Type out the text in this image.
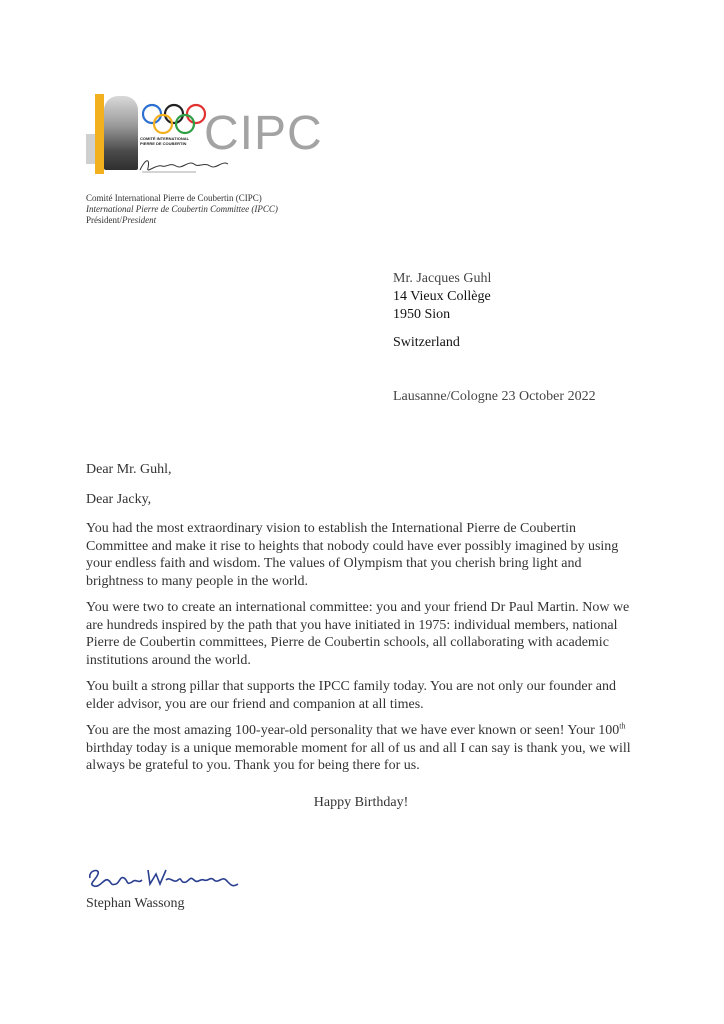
CIPC
COMITÉ INTERNATIONAL PIERRE DE COUBERTIN
Comité International Pierre de Coubertin (CIPC)
International Pierre de Coubertin Committee (IPCC)
Président/President
Mr. Jacques Guhl
14 Vieux Collège
1950 Sion
Switzerland
Lausanne/Cologne 23 October 2022

Dear Mr. Guhl,

Dear Jacky,

You had the most extraordinary vision to establish the International Pierre de Coubertin Committee and make it rise to heights that nobody could have ever possibly imagined by using your endless faith and wisdom. The values of Olympism that you cherish bring light and brightness to many people in the world.

You were two to create an international committee: you and your friend Dr Paul Martin. Now we are hundreds inspired by the path that you have initiated in 1975: individual members, national Pierre de Coubertin committees, Pierre de Coubertin schools, all collaborating with academic institutions around the world.

You built a strong pillar that supports the IPCC family today. You are not only our founder and elder advisor, you are our friend and companion at all times.

You are the most amazing 100-year-old personality that we have ever known or seen! Your 100th birthday today is a unique memorable moment for all of us and all I can say is thank you, we will always be grateful to you. Thank you for being there for us.

Happy Birthday!
Stephan Wassong
